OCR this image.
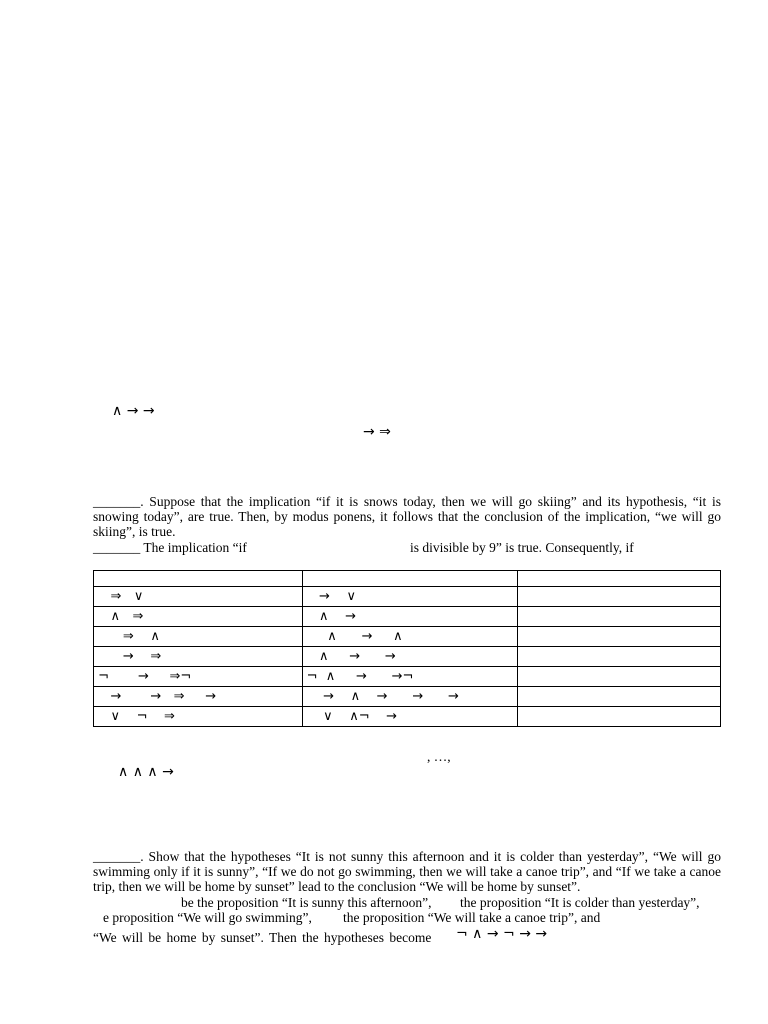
∧ → →
→ ⇒
_______. Suppose that the implication “if it is snows today, then we will go skiing” and its hypothesis, “it is snowing today”, are true. Then, by modus ponens, it follows that the conclusion of the implication, “we will go skiing”, is true.
_______ The implication “if	is divisible by 9” is true. Consequently, if

⇒   ∨	→    ∨	
∧   ⇒	∧    →	
⇒    ∧	∧      →     ∧	
→    ⇒	∧     →      →	
¬       →     ⇒¬	¬  ∧     →      →¬	
→       →   ⇒     →	→    ∧    →      →      →	
∨    ¬    ⇒	∨    ∧¬    →	
, …,
∧ ∧ ∧ →
_______. Show that the hypotheses “It is not sunny this afternoon and it is colder than yesterday”, “We will go swimming only if it is sunny”, “If we do not go swimming, then we will take a canoe trip”, and “If we take a canoe trip, then we will be home by sunset” lead to the conclusion “We will be home by sunset”.
be the proposition “It is sunny this afternoon”, the proposition “It is colder than yesterday”,
e proposition “We will go swimming”, the proposition “We will take a canoe trip”, and
“We will be home by sunset”. Then the hypotheses become ¬ ∧ → ¬ → →
